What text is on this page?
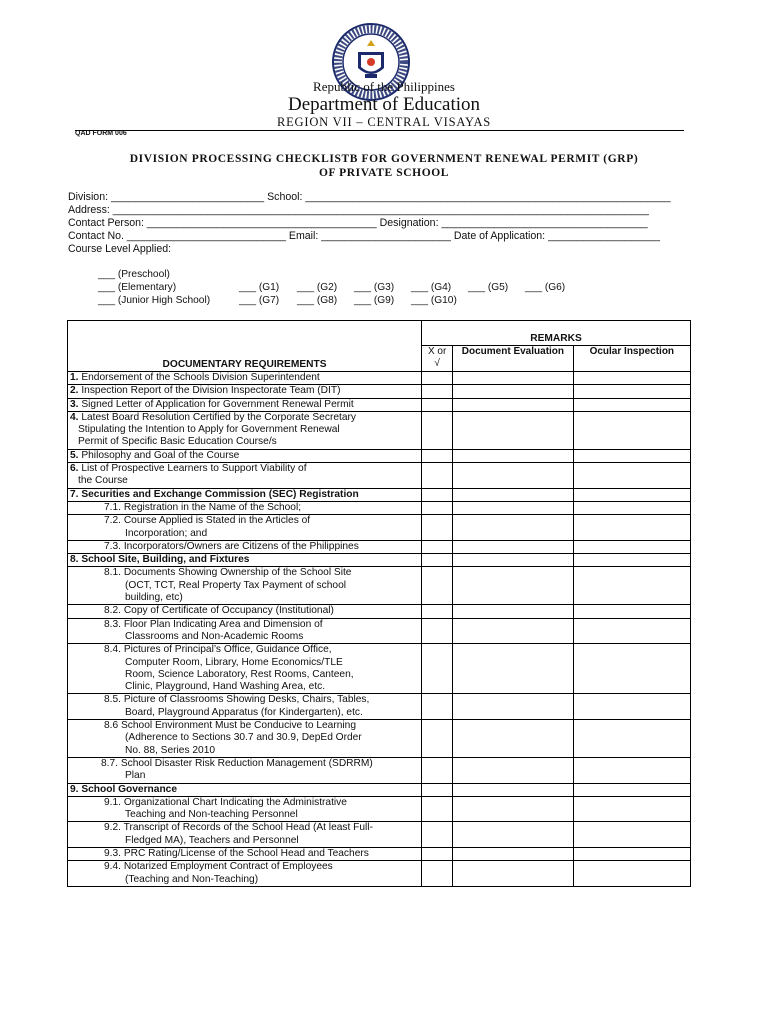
Republic of the Philippines
Department of Education
REGION VII – CENTRAL VISAYAS
QAD FORM 006
DIVISION PROCESSING CHECKLISTB FOR GOVERNMENT RENEWAL PERMIT (GRP)
OF PRIVATE SCHOOL
Division: __________________________ School: ______________________________________________________________
Address: ___________________________________________________________________________________________
Contact Person: _______________________________________ Designation: ___________________________________
Contact No. ___________________________ Email: ______________________ Date of Application: ___________________
Course Level Applied:
___ (Preschool)
___ (Elementary)
___ (Junior High School)
___ (G1) ___ (G2) ___ (G3) ___ (G4) ___ (G5) ___ (G6)
___ (G7) ___ (G8) ___ (G9) ___ (G10)
DOCUMENTARY REQUIREMENTS	REMARKS		
	X or √	Document Evaluation	Ocular Inspection
1. Endorsement of the Schools Division Superintendent			
2. Inspection Report of the Division Inspectorate Team (DIT)			
3. Signed Letter of Application for Government Renewal Permit			
4. Latest Board Resolution Certified by the Corporate Secretary
Stipulating the Intention to Apply for Government Renewal
Permit of Specific Basic Education Course/s			

5. Philosophy and Goal of the Course			
6. List of Prospective Learners to Support Viability of
the Course			

7. Securities and Exchange Commission (SEC) Registration			
7.1. Registration in the Name of the School;			

7.2. Course Applied is Stated in the Articles of
Incorporation; and			

7.3. Incorporators/Owners are Citizens of the Philippines			
8. School Site, Building, and Fixtures			

8.1. Documents Showing Ownership of the School Site
(OCT, TCT, Real Property Tax Payment of school
building, etc)			

8.2. Copy of Certificate of Occupancy (Institutional)			

8.3. Floor Plan Indicating Area and Dimension of
Classrooms and Non-Academic Rooms			

8.4. Pictures of Principal’s Office, Guidance Office,
Computer Room, Library, Home Economics/TLE
Room, Science Laboratory, Rest Rooms, Canteen,
Clinic, Playground, Hand Washing Area, etc.			

8.5. Picture of Classrooms Showing Desks, Chairs, Tables,
Board, Playground Apparatus (for Kindergarten), etc.			

8.6 School Environment Must be Conducive to Learning
(Adherence to Sections 30.7 and 30.9, DepEd Order
No. 88, Series 2010			

8.7. School Disaster Risk Reduction Management (SDRRM)
Plan			

9. School Governance			

9.1. Organizational Chart Indicating the Administrative
Teaching and Non-teaching Personnel			

9.2. Transcript of Records of the School Head (At least Full-
Fledged MA), Teachers and Personnel			

9.3. PRC Rating/License of the School Head and Teachers			

9.4. Notarized Employment Contract of Employees
(Teaching and Non-Teaching)			
